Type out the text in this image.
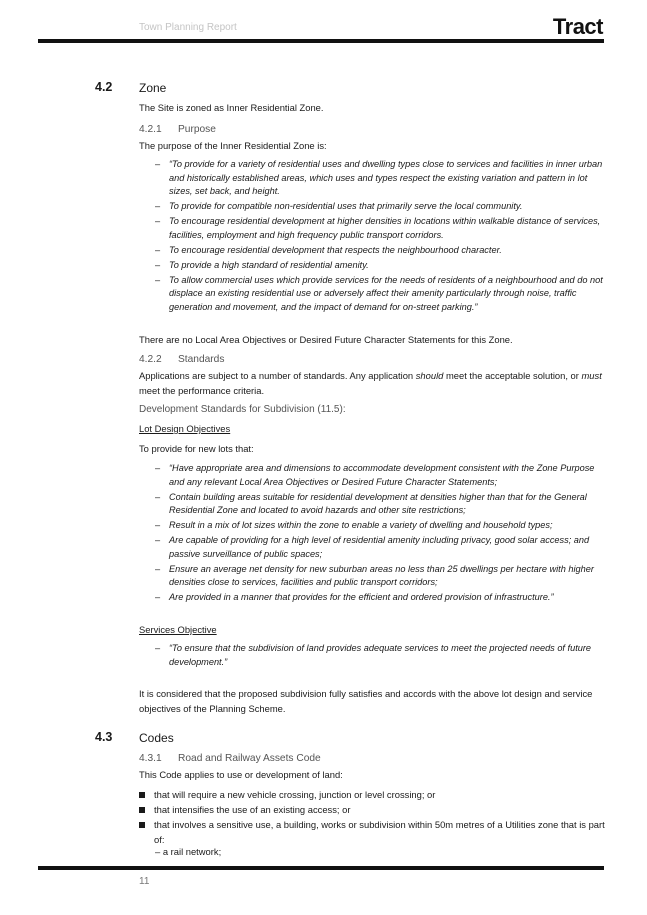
Town Planning Report	Tract
4.2 Zone
The Site is zoned as Inner Residential Zone.
4.2.1 Purpose
The purpose of the Inner Residential Zone is:
– “To provide for a variety of residential uses and dwelling types close to services and facilities in inner urban and historically established areas, which uses and types respect the existing variation and pattern in lot sizes, set back, and height.
– To provide for compatible non-residential uses that primarily serve the local community.
– To encourage residential development at higher densities in locations within walkable distance of services, facilities, employment and high frequency public transport corridors.
– To encourage residential development that respects the neighbourhood character.
– To provide a high standard of residential amenity.
– To allow commercial uses which provide services for the needs of residents of a neighbourhood and do not displace an existing residential use or adversely affect their amenity particularly through noise, traffic generation and movement, and the impact of demand for on-street parking.”
There are no Local Area Objectives or Desired Future Character Statements for this Zone.
4.2.2 Standards
Applications are subject to a number of standards. Any application should meet the acceptable solution, or must meet the performance criteria.
Development Standards for Subdivision (11.5):
Lot Design Objectives
To provide for new lots that:
– “Have appropriate area and dimensions to accommodate development consistent with the Zone Purpose and any relevant Local Area Objectives or Desired Future Character Statements;
– Contain building areas suitable for residential development at densities higher than that for the General Residential Zone and located to avoid hazards and other site restrictions;
– Result in a mix of lot sizes within the zone to enable a variety of dwelling and household types;
– Are capable of providing for a high level of residential amenity including privacy, good solar access; and passive surveillance of public spaces;
– Ensure an average net density for new suburban areas no less than 25 dwellings per hectare with higher densities close to services, facilities and public transport corridors;
– Are provided in a manner that provides for the efficient and ordered provision of infrastructure.”
Services Objective
– “To ensure that the subdivision of land provides adequate services to meet the projected needs of future development.”
It is considered that the proposed subdivision fully satisfies and accords with the above lot design and service objectives of the Planning Scheme.
4.3 Codes
4.3.1 Road and Railway Assets Code
This Code applies to use or development of land:
that will require a new vehicle crossing, junction or level crossing; or
that intensifies the use of an existing access; or
that involves a sensitive use, a building, works or subdivision within 50m metres of a Utilities zone that is part of:
– a rail network;
11
